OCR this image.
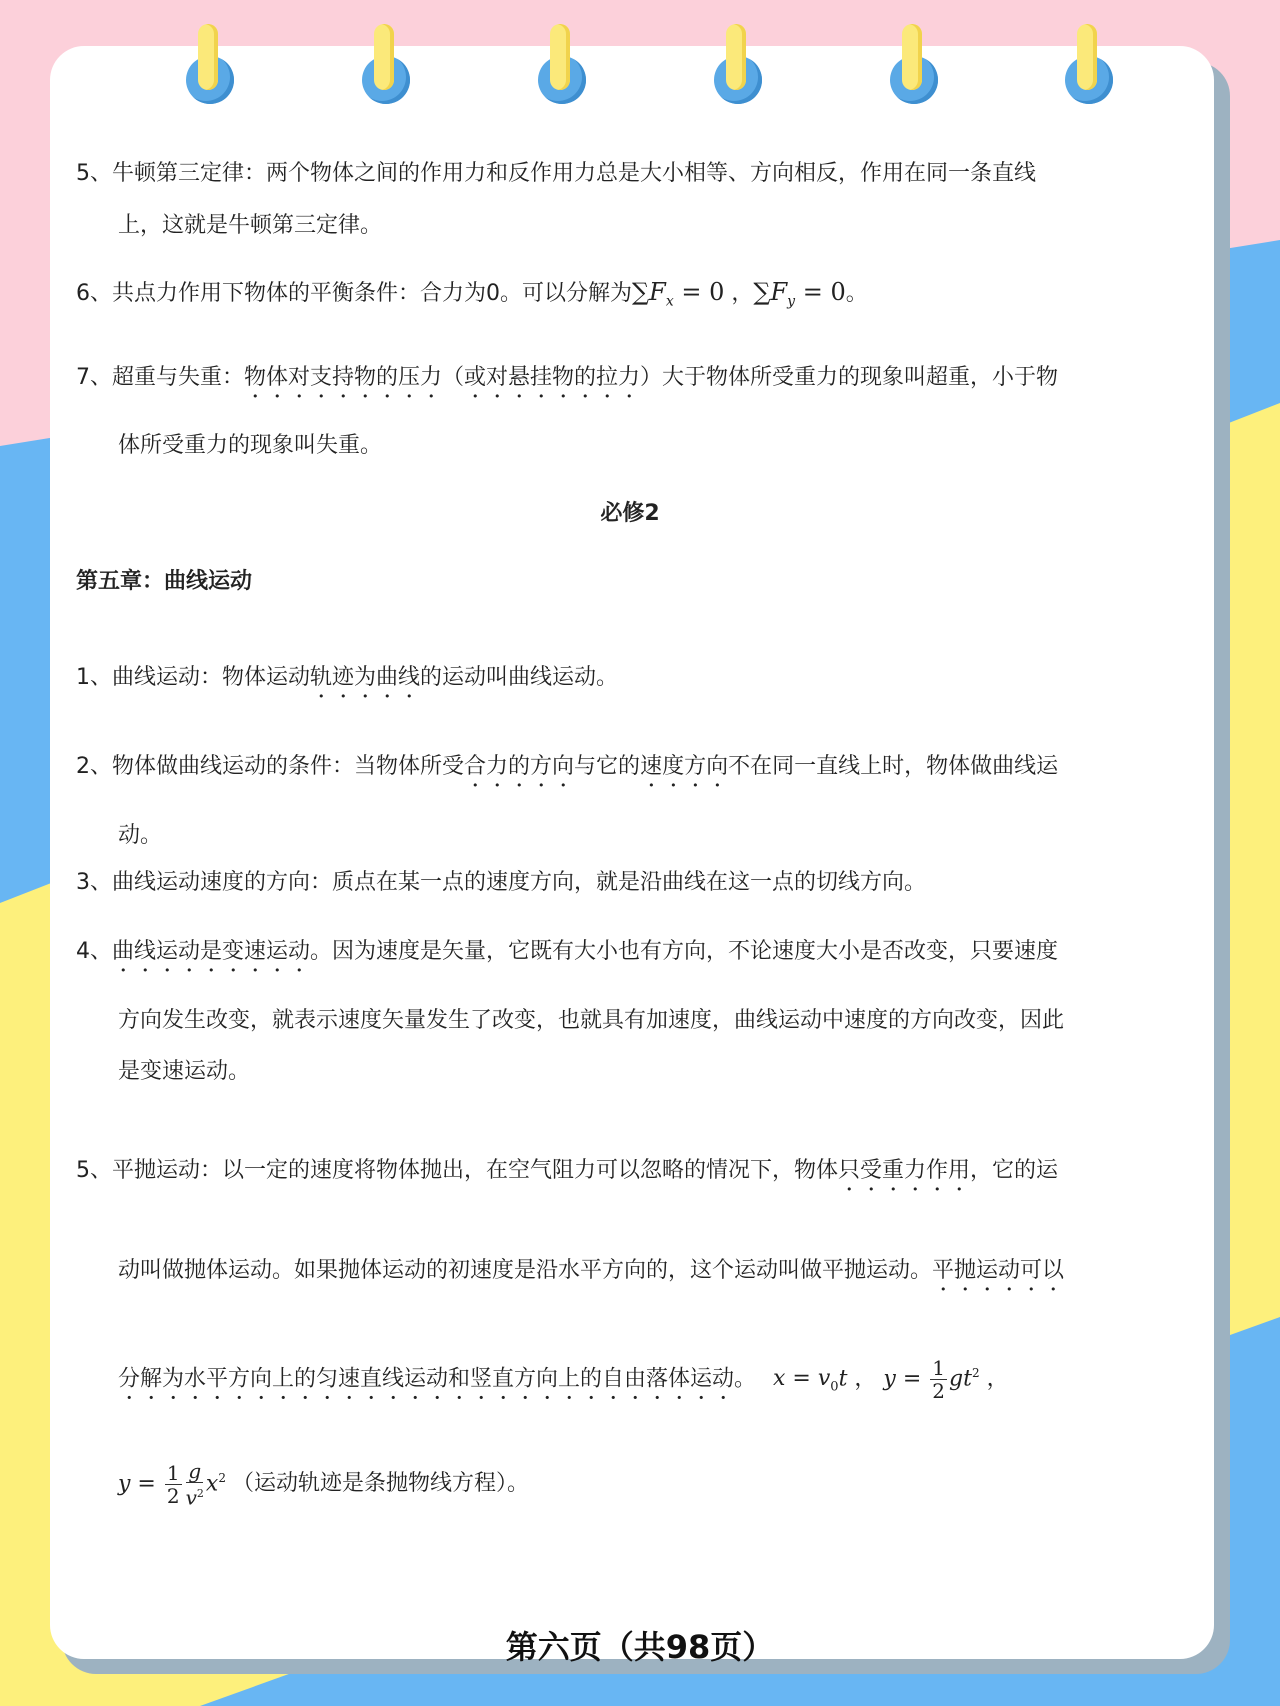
5、牛顿第三定律：两个物体之间的作用力和反作用力总是大小相等、方向相反，作用在同一条直线
上，这就是牛顿第三定律。
6、共点力作用下物体的平衡条件：合力为0。可以分解为$\sum F_x = 0$ ，$\sum F_y = 0$。
7、超重与失重：物体对支持物的压力（或对悬挂物的拉力）大于物体所受重力的现象叫超重，小于物
体所受重力的现象叫失重。
必修2
第五章：曲线运动
1、曲线运动：物体运动轨迹为曲线的运动叫曲线运动。
2、物体做曲线运动的条件：当物体所受合力的方向与它的速度方向不在同一直线上时，物体做曲线运
动。
3、曲线运动速度的方向：质点在某一点的速度方向，就是沿曲线在这一点的切线方向。
4、曲线运动是变速运动。因为速度是矢量，它既有大小也有方向，不论速度大小是否改变，只要速度
方向发生改变，就表示速度矢量发生了改变，也就具有加速度，曲线运动中速度的方向改变，因此
是变速运动。
5、平抛运动：以一定的速度将物体抛出，在空气阻力可以忽略的情况下，物体只受重力作用，它的运
动叫做抛体运动。如果抛体运动的初速度是沿水平方向的，这个运动叫做平抛运动。平抛运动可以
分解为水平方向上的匀速直线运动和竖直方向上的自由落体运动。 $x = v_0t$ ， $y = \frac{1}{2} gt^2$ ，
$y = \frac{1}{2} \frac{g}{v^2} x^2$ （运动轨迹是条抛物线方程）。
第六页（共98页）
